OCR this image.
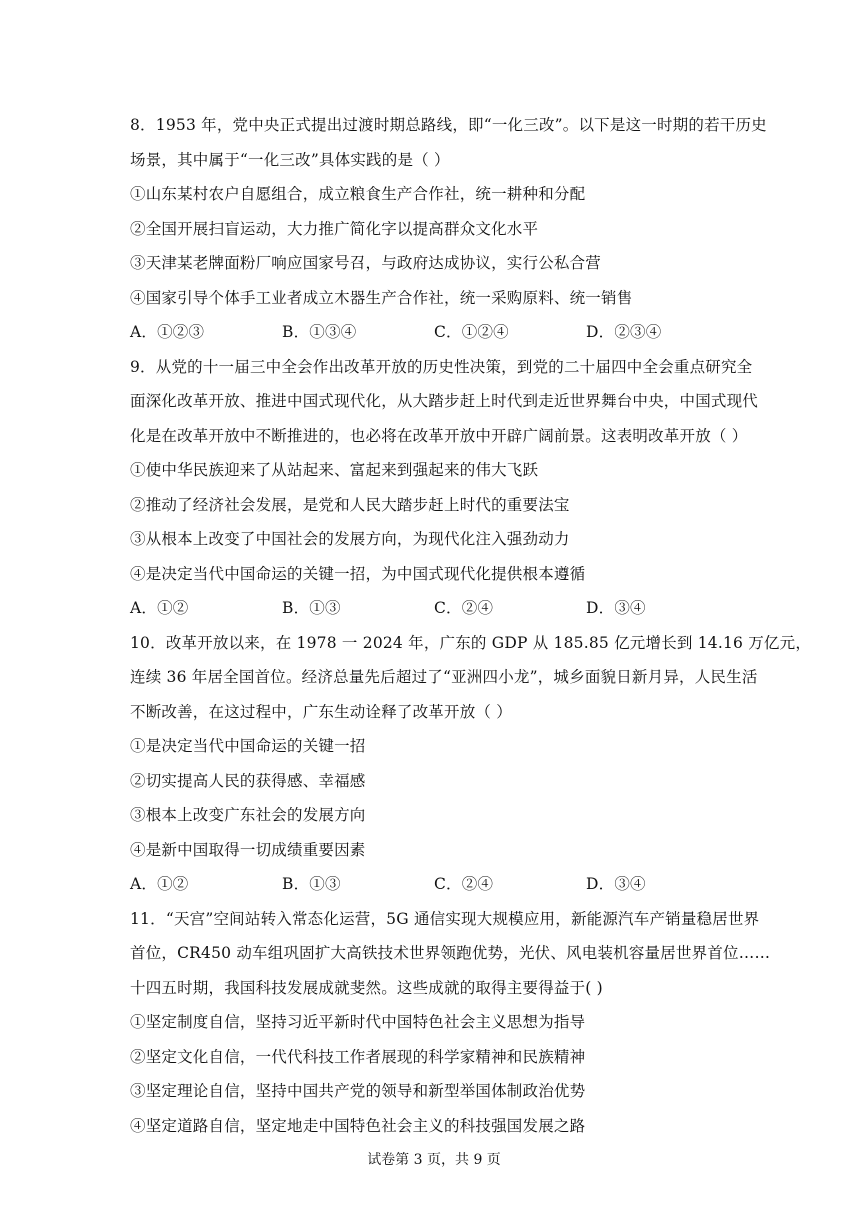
8．1953 年，党中央正式提出过渡时期总路线，即“一化三改”。以下是这一时期的若干历史
场景，其中属于“一化三改”具体实践的是（ ）
①山东某村农户自愿组合，成立粮食生产合作社，统一耕种和分配
②全国开展扫盲运动，大力推广简化字以提高群众文化水平
③天津某老牌面粉厂响应国家号召，与政府达成协议，实行公私合营
④国家引导个体手工业者成立木器生产合作社，统一采购原料、统一销售
A．①②③	B．①③④	C．①②④	D．②③④
9．从党的十一届三中全会作出改革开放的历史性决策，到党的二十届四中全会重点研究全
面深化改革开放、推进中国式现代化，从大踏步赶上时代到走近世界舞台中央，中国式现代
化是在改革开放中不断推进的，也必将在改革开放中开辟广阔前景。这表明改革开放（ ）
①使中华民族迎来了从站起来、富起来到强起来的伟大飞跃
②推动了经济社会发展，是党和人民大踏步赶上时代的重要法宝
③从根本上改变了中国社会的发展方向，为现代化注入强劲动力
④是决定当代中国命运的关键一招，为中国式现代化提供根本遵循
A．①②	B．①③	C．②④	D．③④
10．改革开放以来，在 1978 一 2024 年，广东的 GDP 从 185.85 亿元增长到 14.16 万亿元，
连续 36 年居全国首位。经济总量先后超过了“亚洲四小龙”，城乡面貌日新月异，人民生活
不断改善，在这过程中，广东生动诠释了改革开放（ ）
①是决定当代中国命运的关键一招
②切实提高人民的获得感、幸福感
③根本上改变广东社会的发展方向
④是新中国取得一切成绩重要因素
A．①②	B．①③	C．②④	D．③④
11．“天宫”空间站转入常态化运营，5G 通信实现大规模应用，新能源汽车产销量稳居世界
首位，CR450 动车组巩固扩大高铁技术世界领跑优势，光伏、风电装机容量居世界首位……
十四五时期，我国科技发展成就斐然。这些成就的取得主要得益于( )
①坚定制度自信，坚持习近平新时代中国特色社会主义思想为指导
②坚定文化自信，一代代科技工作者展现的科学家精神和民族精神
③坚定理论自信，坚持中国共产党的领导和新型举国体制政治优势
④坚定道路自信，坚定地走中国特色社会主义的科技强国发展之路
试卷第 3 页，共 9 页
